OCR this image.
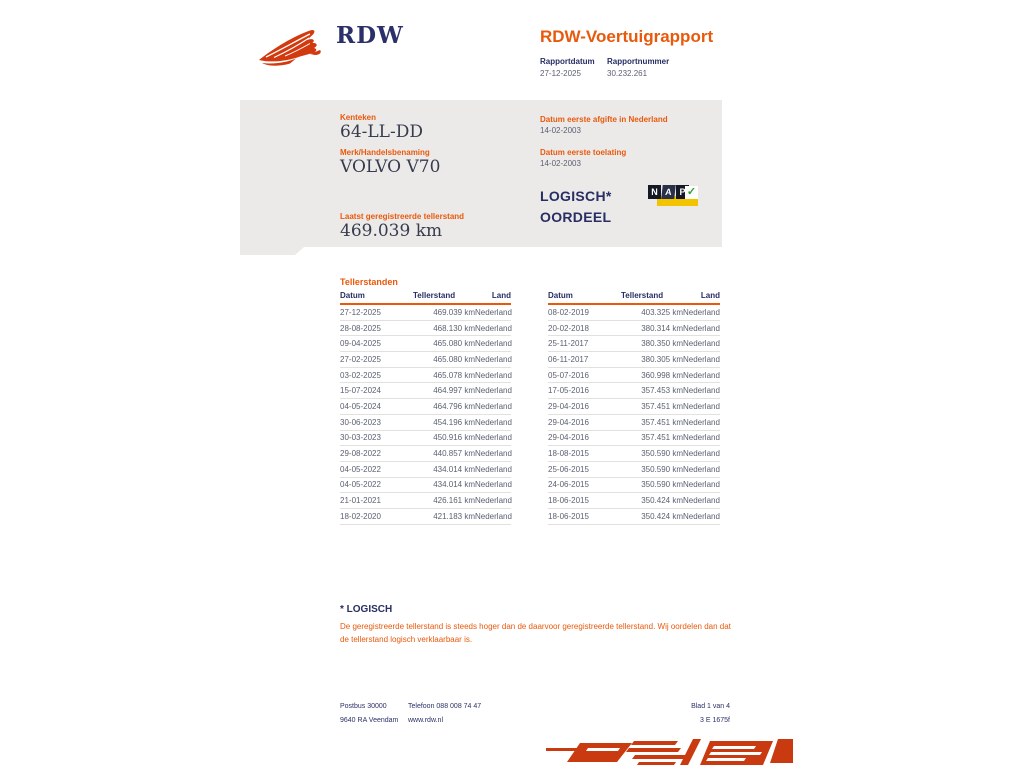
RDW	RDW-Voertuigrapport
Rapportdatum
27-12-2025
Rapportnummer
30.232.261
Kenteken
64-LL-DD
Merk/Handelsbenaming
VOLVO V70
Laatst geregistreerde tellerstand
469.039 km
Datum eerste afgifte in Nederland
14-02-2003
Datum eerste toelating
14-02-2003
LOGISCH*
OORDEEL
N A P ✓
Tellerstanden
Datum	Tellerstand	Land
27-12-2025	469.039 km Nederland
28-08-2025	468.130 km Nederland
09-04-2025	465.080 km Nederland
27-02-2025	465.080 km Nederland
03-02-2025	465.078 km Nederland
15-07-2024	464.997 km Nederland
04-05-2024	464.796 km Nederland
30-06-2023	454.196 km Nederland
30-03-2023	450.916 km Nederland
29-08-2022	440.857 km Nederland
04-05-2022	434.014 km Nederland
04-05-2022	434.014 km Nederland
21-01-2021	426.161 km Nederland
18-02-2020	421.183 km Nederland
Datum	Tellerstand	Land
08-02-2019	403.325 km Nederland
20-02-2018	380.314 km Nederland
25-11-2017	380.350 km Nederland
06-11-2017	380.305 km Nederland
05-07-2016	360.998 km Nederland
17-05-2016	357.453 km Nederland
29-04-2016	357.451 km Nederland
29-04-2016	357.451 km Nederland
29-04-2016	357.451 km Nederland
18-08-2015	350.590 km Nederland
25-06-2015	350.590 km Nederland
24-06-2015	350.590 km Nederland
18-06-2015	350.424 km Nederland
18-06-2015	350.424 km Nederland
* LOGISCH
De geregistreerde tellerstand is steeds hoger dan de daarvoor geregistreerde tellerstand. Wij oordelen dan dat de tellerstand logisch verklaarbaar is.
Postbus 30000
9640 RA Veendam
Telefoon 088 008 74 47
www.rdw.nl
Blad 1 van 4
3 E 1675f
